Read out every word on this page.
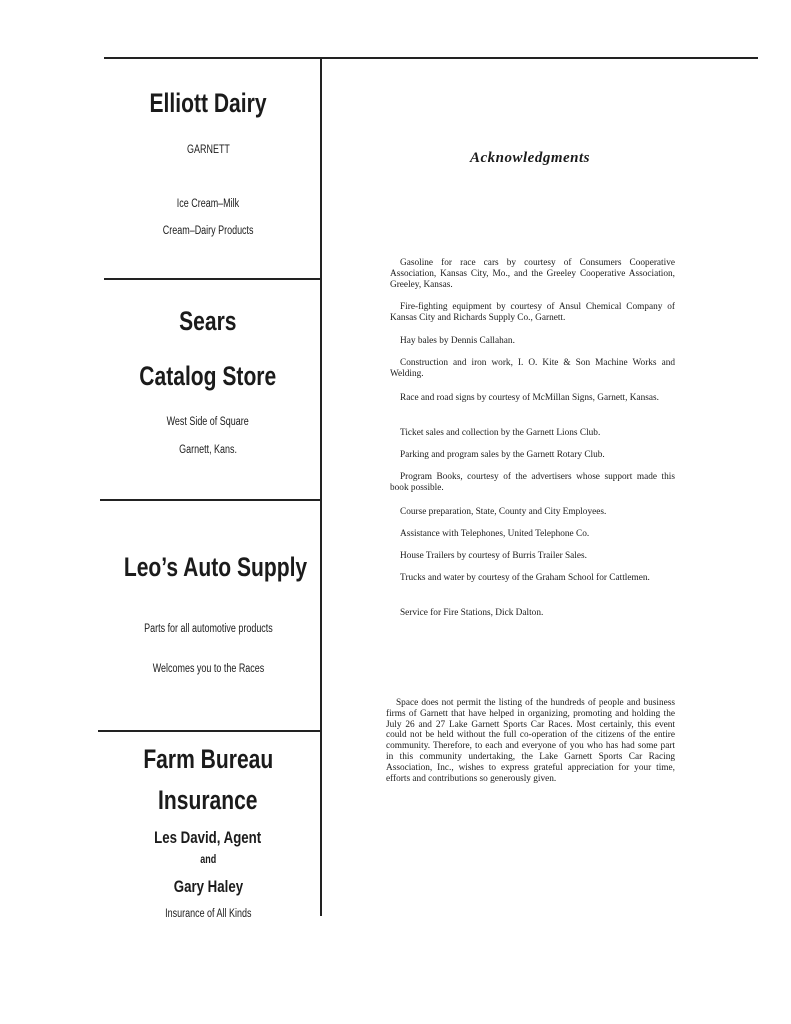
Elliott Dairy
GARNETT
Ice Cream–Milk
Cream–Dairy Products
Sears
Catalog Store
West Side of Square
Garnett, Kans.
Leo’s Auto Supply
Parts for all automotive products
Welcomes you to the Races
Farm Bureau
Insurance
Les David, Agent
and
Gary Haley
Insurance of All Kinds
Acknowledgments

Gasoline for race cars by courtesy of Consumers Cooperative Association, Kansas City, Mo., and the Greeley Cooperative Association, Greeley, Kansas.

Fire-fighting equipment by courtesy of Ansul Chemical Company of Kansas City and Richards Supply Co., Garnett.

Hay bales by Dennis Callahan.

Construction and iron work, I. O. Kite & Son Machine Works and Welding.

Race and road signs by courtesy of McMillan Signs, Garnett, Kansas.

Ticket sales and collection by the Garnett Lions Club.

Parking and program sales by the Garnett Rotary Club.

Program Books, courtesy of the advertisers whose support made this book possible.

Course preparation, State, County and City Employees.

Assistance with Telephones, United Telephone Co.

House Trailers by courtesy of Burris Trailer Sales.

Trucks and water by courtesy of the Graham School for Cattlemen.

Service for Fire Stations, Dick Dalton.

Space does not permit the listing of the hundreds of people and business firms of Garnett that have helped in organizing, promoting and holding the July 26 and 27 Lake Garnett Sports Car Races. Most certainly, this event could not be held without the full co-operation of the citizens of the entire community. Therefore, to each and everyone of you who has had some part in this community undertaking, the Lake Garnett Sports Car Racing Association, Inc., wishes to express grateful appreciation for your time, efforts and contributions so generously given.
